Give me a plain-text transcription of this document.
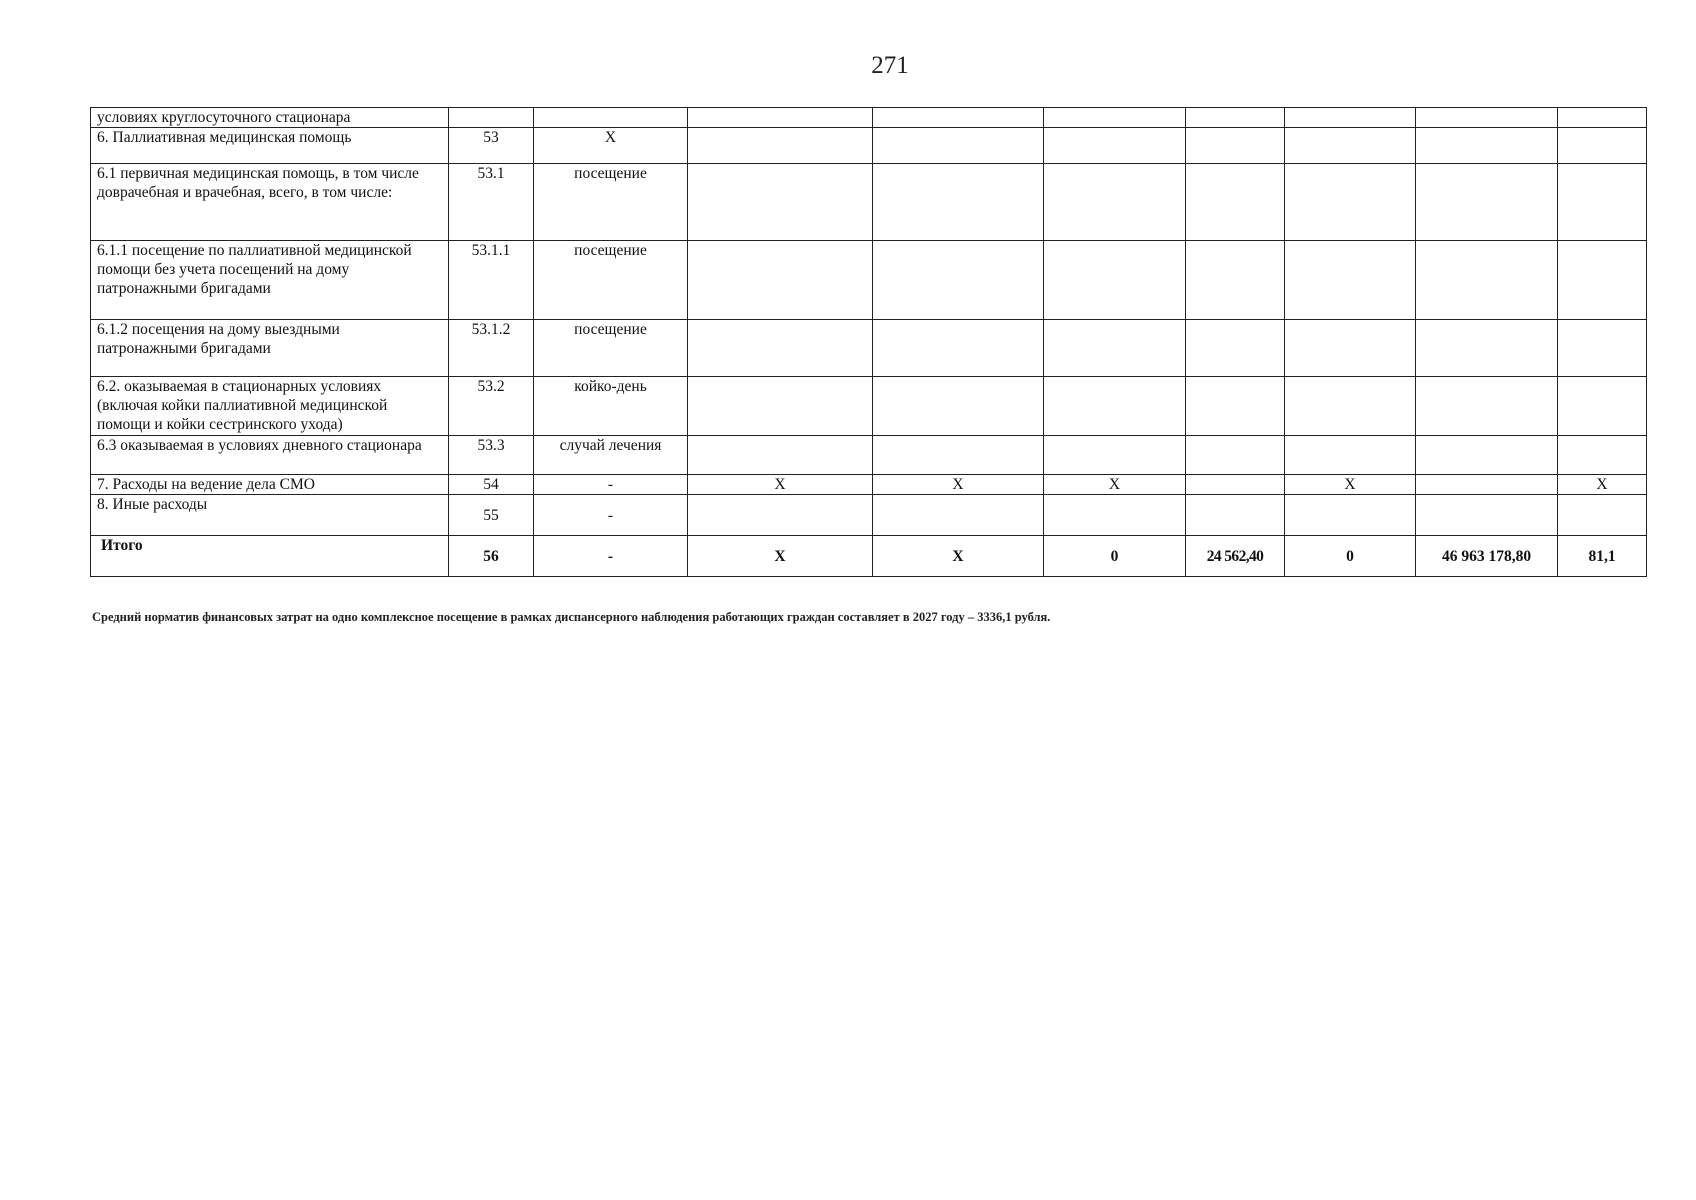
271
условиях круглосуточного стационара									
6. Паллиативная медицинская помощь	53	X							
6.1 первичная медицинская помощь, в том числе доврачебная и врачебная, всего, в том числе:	53.1	посещение							
6.1.1 посещение по паллиативной медицинской помощи без учета посещений на дому патронажными бригадами	53.1.1	посещение							
6.1.2 посещения на дому выездными патронажными бригадами	53.1.2	посещение							
6.2. оказываемая в стационарных условиях (включая койки паллиативной медицинской помощи и койки сестринского ухода)	53.2	койко-день							
6.3 оказываемая в условиях дневного стационара	53.3	случай лечения							
7. Расходы на ведение дела СМО	54	-	X	X	X		X		X
8. Иные расходы	55	-							
Итого	56	-	X	X	0	24 562,40	0	46 963 178,80	81,1
Средний норматив финансовых затрат на одно комплексное посещение в рамках диспансерного наблюдения работающих граждан составляет в 2027 году – 3336,1 рубля.
